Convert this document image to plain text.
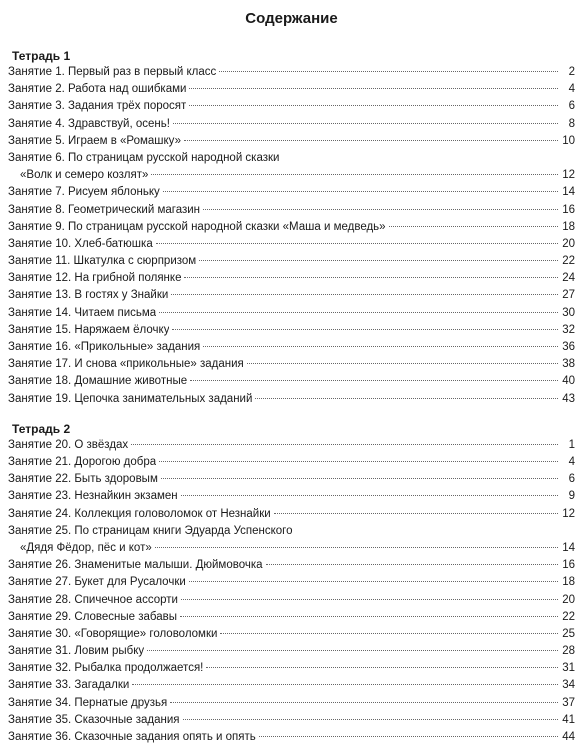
Содержание
Тетрадь 1
Занятие 1. Первый раз в первый класс	2
Занятие 2. Работа над ошибками	4
Занятие 3. Задания трёх поросят	6
Занятие 4. Здравствуй, осень!	8
Занятие 5. Играем в «Ромашку»	10
Занятие 6. По страницам русской народной сказки
«Волк и семеро козлят»	12
Занятие 7. Рисуем яблоньку	14
Занятие 8. Геометрический магазин	16
Занятие 9. По страницам русской народной сказки «Маша и медведь»	18
Занятие 10. Хлеб-батюшка	20
Занятие 11. Шкатулка с сюрпризом	22
Занятие 12. На грибной полянке	24
Занятие 13. В гостях у Знайки	27
Занятие 14. Читаем письма	30
Занятие 15. Наряжаем ёлочку	32
Занятие 16. «Прикольные» задания	36
Занятие 17. И снова «прикольные» задания	38
Занятие 18. Домашние животные	40
Занятие 19. Цепочка занимательных заданий	43
Тетрадь 2
Занятие 20. О звёздах	1
Занятие 21. Дорогою добра	4
Занятие 22. Быть здоровым	6
Занятие 23. Незнайкин экзамен	9
Занятие 24. Коллекция головоломок от Незнайки	12
Занятие 25. По страницам книги Эдуарда Успенского
«Дядя Фёдор, пёс и кот»	14
Занятие 26. Знаменитые малыши. Дюймовочка	16
Занятие 27. Букет для Русалочки	18
Занятие 28. Спичечное ассорти	20
Занятие 29. Словесные забавы	22
Занятие 30. «Говорящие» головоломки	25
Занятие 31. Ловим рыбку	28
Занятие 32. Рыбалка продолжается!	31
Занятие 33. Загадалки	34
Занятие 34. Пернатые друзья	37
Занятие 35. Сказочные задания	41
Занятие 36. Сказочные задания опять и опять	44
